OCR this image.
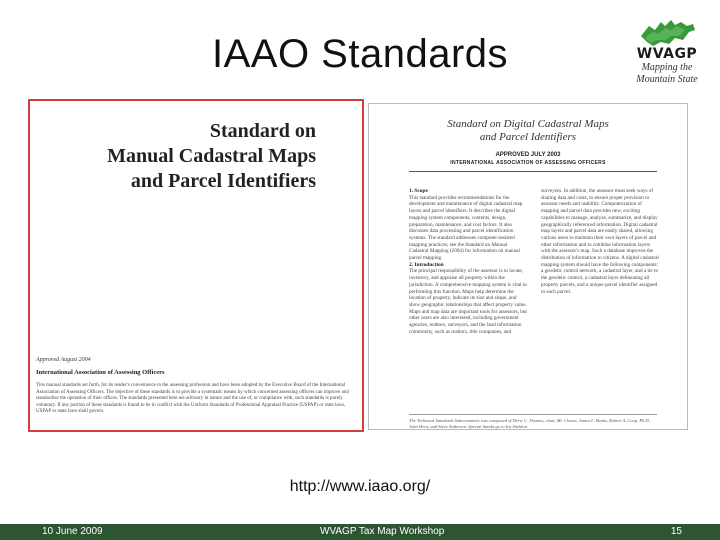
IAAO Standards	WVAGP
Mapping the Mountain State
Standard on
Manual Cadastral Maps
and Parcel Identifiers
Approved August 2004
International Association of Assessing Officers
This manual standards set forth, for its reader's convenience in the assessing profession and have been adopted by the Executive Board of the International Association of Assessing Officers. The objective of these standards is to provide a systematic means by which concerned assessing officers can improve and standardize the operation of their offices. The standards presented here are advisory in nature and the use of, or compliance with, such standards is purely voluntary. If any portion of these standards is found to be in conflict with the Uniform Standards of Professional Appraisal Practice (USPAP) or state laws, USPAP or state laws shall govern.
Standard on Digital Cadastral Maps
and Parcel Identifiers
APPROVED JULY 2003
INTERNATIONAL ASSOCIATION OF ASSESSING OFFICERS
1. Scope
This standard provides recommendations for the development and maintenance of digital cadastral map layers and parcel identifiers. It describes the digital mapping system components, contents, design, preparation, maintenance, and cost factors. It also discusses data processing and parcel identification systems. The standard addresses computer-assisted mapping practices; see the Standard on Manual Cadastral Mapping (2004) for information on manual parcel mapping.
2. Introduction
The principal responsibility of the assessor is to locate, inventory, and appraise all property within the jurisdiction. A comprehensive mapping system is vital to performing this function. Maps help determine the location of property, indicate its size and shape, and show geographic relationships that affect property value. Maps and map data are important tools for assessors, but other users are also interested, including government agencies, realtors, surveyors, and the land information community, such as realtors, title companies, and
surveyors. In addition, the assessor must seek ways of sharing data and costs, to ensure proper provision to assessor needs and usability. Computerization of mapping and parcel data provides new, exciting capabilities to manage, analyze, summarize, and display geographically referenced information. Digital cadastral map layers and parcel data are easily shared, allowing various users to maintain their own layers of parcel and other information and to combine information layers with the assessor's map. Such a database improves the distribution of information to citizens. A digital cadastral mapping system should have the following components: a geodetic control network, a cadastral layer, and a tie to the geodetic control, a cadastral layer delineating all property parcels, and a unique parcel identifier assigned to each parcel.
The Technical Standards Subcommittee was composed of Drew C. Thomas, chair, Mr. Clasen, James L. Bemis, Robert A. Coop, Ph.D., John Hern, and Steve Anderson. Special thanks go to Ira Sheldon.
http://www.iaao.org/
10 June 2009	WVAGP Tax Map Workshop	15
